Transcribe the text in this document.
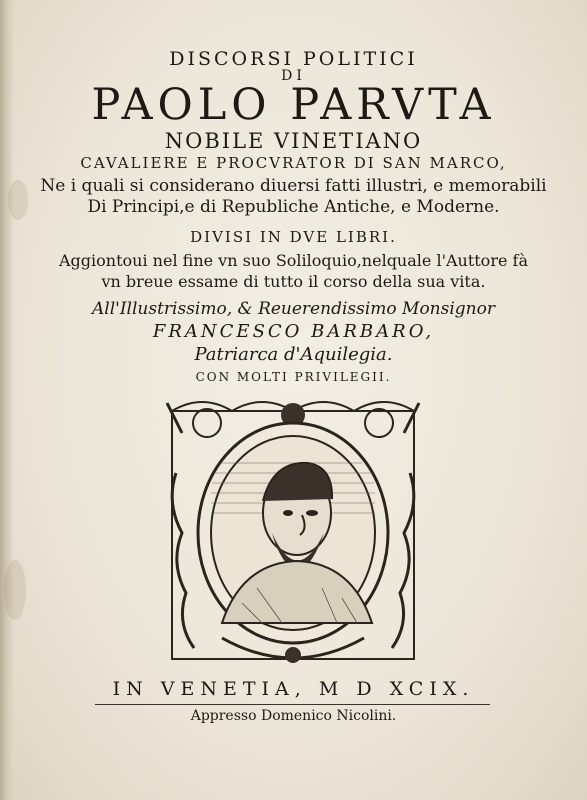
DISCORSI POLITICI
DI
PAOLO PARVTA
NOBILE VINETIANO
CAVALIERE E PROCVRATOR DI SAN MARCO,
Ne i quali si considerano diuersi fatti illustri, e memorabili
Di Principi,e di Republiche Antiche, e Moderne.
DIVISI IN DVE LIBRI.
Aggiontoui nel fine vn suo Soliloquio,nelquale l'Auttore fà
vn breue essame di tutto il corso della sua vita.
All'Illustrissimo, & Reuerendissimo Monsignor
FRANCESCO BARBARO,
Patriarca d'Aquilegia.
CON MOLTI PRIVILEGII.
IN VENETIA, M D XCIX.
Appresso Domenico Nicolini.
